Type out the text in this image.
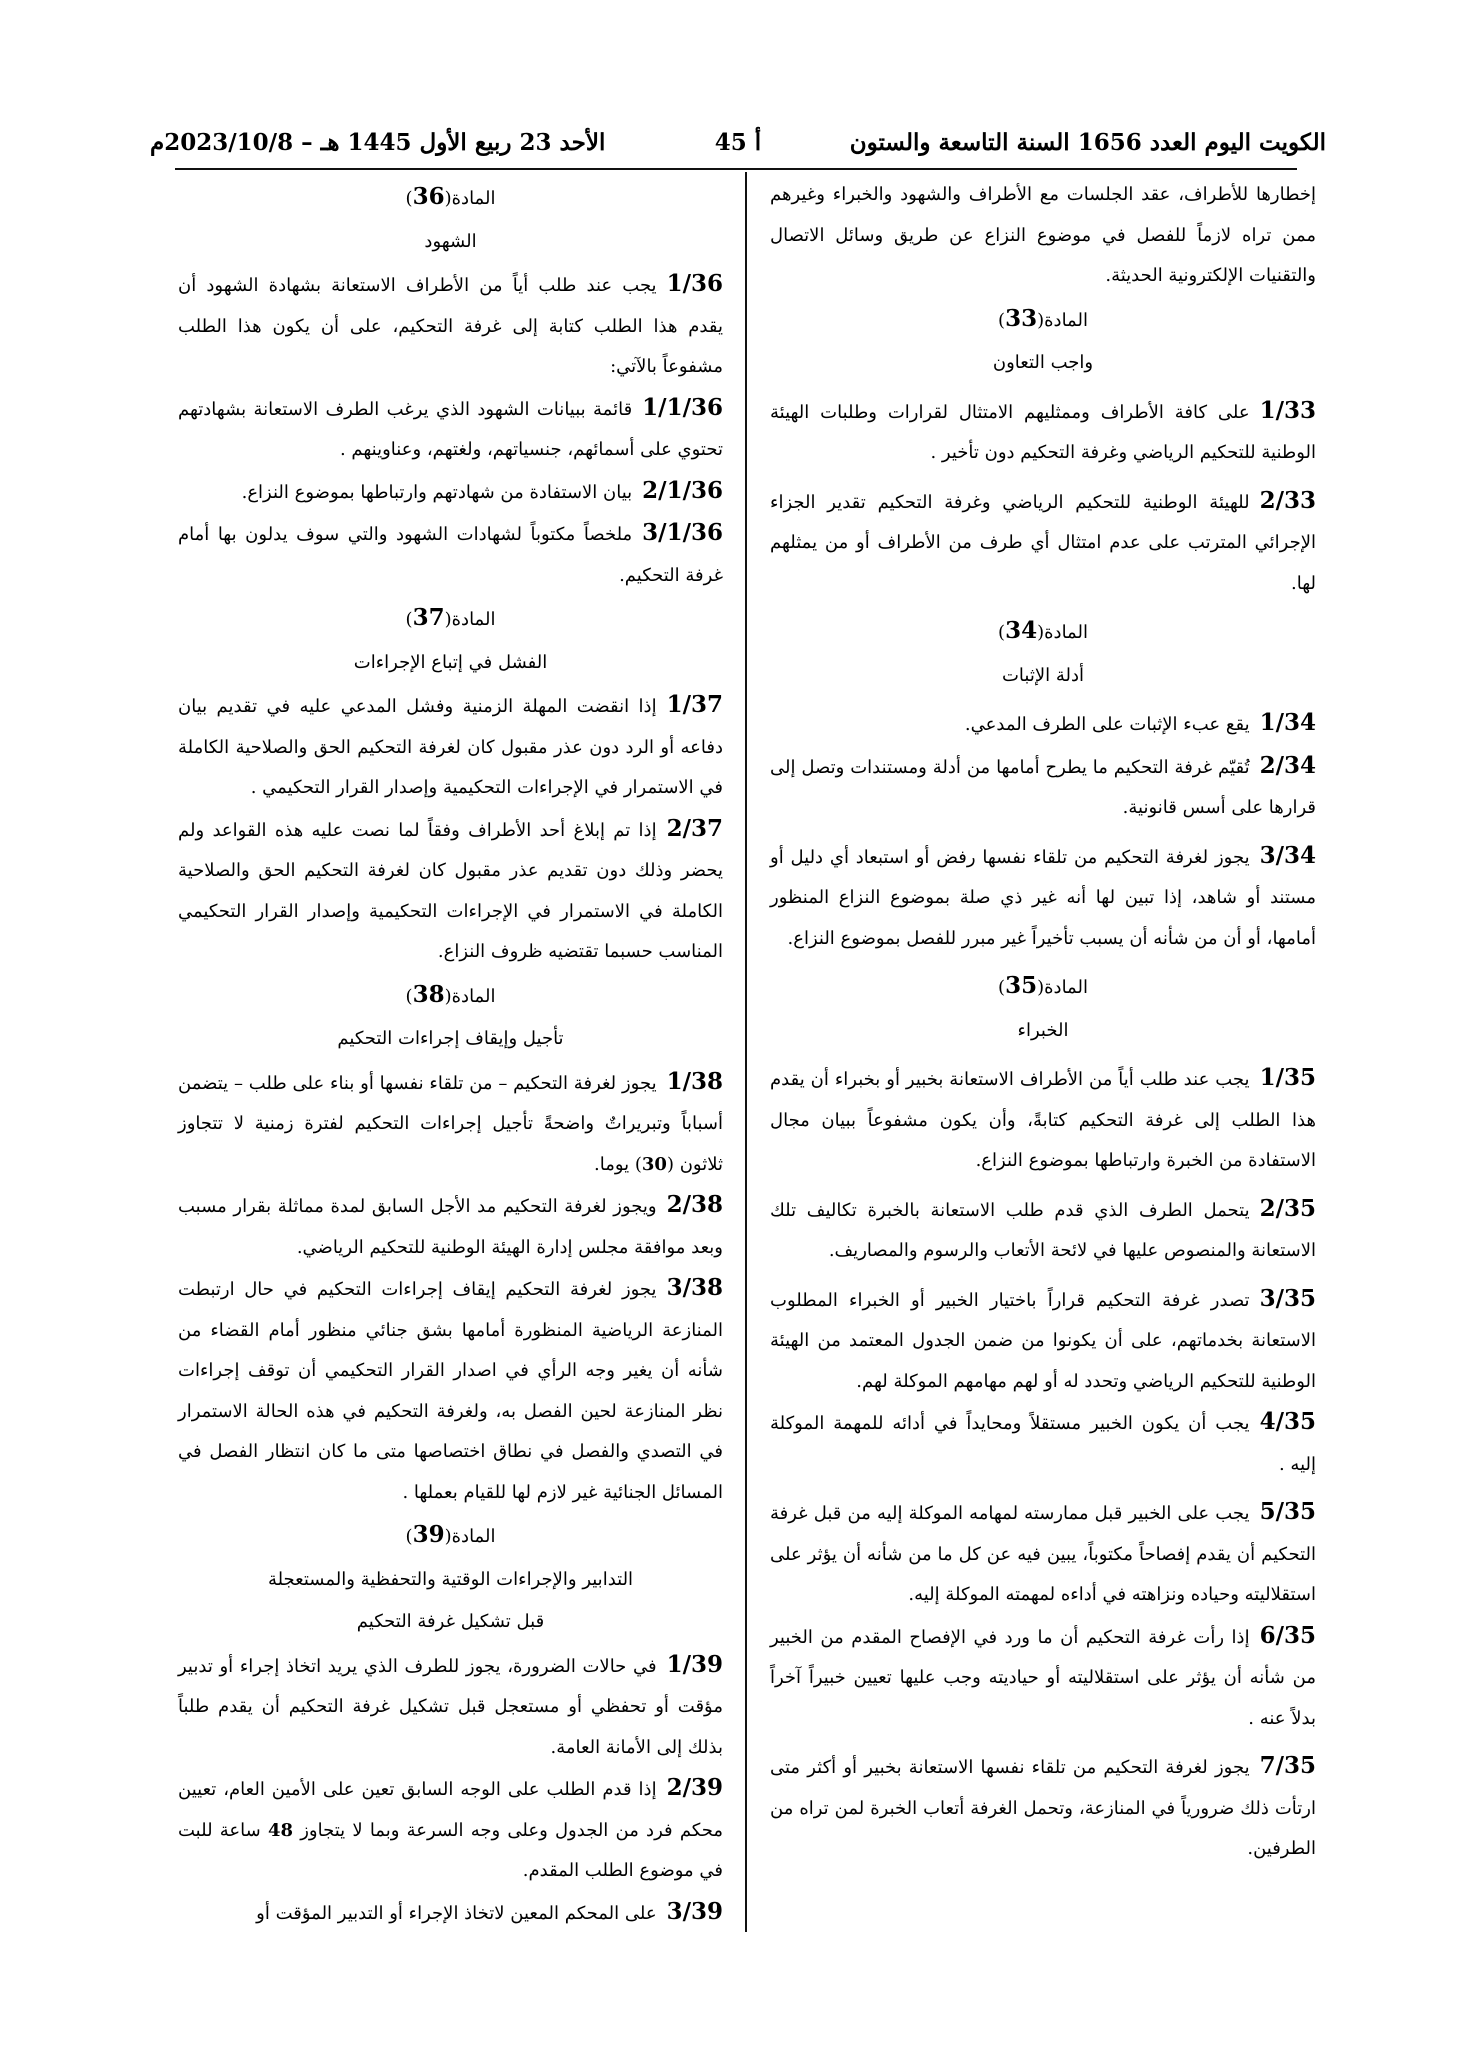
الكويت اليوم العدد 1656 السنة التاسعة والستون
أ 45
الأحد 23 ربيع الأول 1445 هـ – 2023/10/8م

إخطارها للأطراف، عقد الجلسات مع الأطراف والشهود والخبراء وغيرهم ممن تراه لازماً للفصل في موضوع النزاع عن طريق وسائل الاتصال والتقنيات الإلكترونية الحديثة.

المادة(33)

واجب التعاون

1/33على كافة الأطراف وممثليهم الامتثال لقرارات وطلبات الهيئة الوطنية للتحكيم الرياضي وغرفة التحكيم دون تأخير .

2/33للهيئة الوطنية للتحكيم الرياضي وغرفة التحكيم تقدير الجزاء الإجرائي المترتب على عدم امتثال أي طرف من الأطراف أو من يمثلهم لها.

المادة(34)

أدلة الإثبات

1/34يقع عبء الإثبات على الطرف المدعي.

2/34تُقيّم غرفة التحكيم ما يطرح أمامها من أدلة ومستندات وتصل إلى قرارها على أسس قانونية.

3/34يجوز لغرفة التحكيم من تلقاء نفسها رفض أو استبعاد أي دليل أو مستند أو شاهد، إذا تبين لها أنه غير ذي صلة بموضوع النزاع المنظور أمامها، أو أن من شأنه أن يسبب تأخيراً غير مبرر للفصل بموضوع النزاع.

المادة(35)

الخبراء

1/35يجب عند طلب أياً من الأطراف الاستعانة بخبير أو بخبراء أن يقدم هذا الطلب إلى غرفة التحكيم كتابةً، وأن يكون مشفوعاً ببيان مجال الاستفادة من الخبرة وارتباطها بموضوع النزاع.

2/35يتحمل الطرف الذي قدم طلب الاستعانة بالخبرة تكاليف تلك الاستعانة والمنصوص عليها في لائحة الأتعاب والرسوم والمصاريف.

3/35تصدر غرفة التحكيم قراراً باختيار الخبير أو الخبراء المطلوب الاستعانة بخدماتهم، على أن يكونوا من ضمن الجدول المعتمد من الهيئة الوطنية للتحكيم الرياضي وتحدد له أو لهم مهامهم الموكلة لهم.

4/35يجب أن يكون الخبير مستقلاً ومحايداً في أدائه للمهمة الموكلة إليه .

5/35يجب على الخبير قبل ممارسته لمهامه الموكلة إليه من قبل غرفة التحكيم أن يقدم إفصاحاً مكتوباً، يبين فيه عن كل ما من شأنه أن يؤثر على استقلاليته وحياده ونزاهته في أداءه لمهمته الموكلة إليه.

6/35إذا رأت غرفة التحكيم أن ما ورد في الإفصاح المقدم من الخبير من شأنه أن يؤثر على استقلاليته أو حياديته وجب عليها تعيين خبيراً آخراً بدلاً عنه .

7/35يجوز لغرفة التحكيم من تلقاء نفسها الاستعانة بخبير أو أكثر متى ارتأت ذلك ضرورياً في المنازعة، وتحمل الغرفة أتعاب الخبرة لمن تراه من الطرفين.

المادة(36)

الشهود

1/36يجب عند طلب أياً من الأطراف الاستعانة بشهادة الشهود أن يقدم هذا الطلب كتابة إلى غرفة التحكيم، على أن يكون هذا الطلب مشفوعاً بالآتي:

1/1/36قائمة ببيانات الشهود الذي يرغب الطرف الاستعانة بشهادتهم تحتوي على أسمائهم، جنسياتهم، ولغتهم، وعناوينهم .

2/1/36بيان الاستفادة من شهادتهم وارتباطها بموضوع النزاع.

3/1/36ملخصاً مكتوباً لشهادات الشهود والتي سوف يدلون بها أمام غرفة التحكيم.

المادة(37)

الفشل في إتباع الإجراءات

1/37إذا انقضت المهلة الزمنية وفشل المدعي عليه في تقديم بيان دفاعه أو الرد دون عذر مقبول كان لغرفة التحكيم الحق والصلاحية الكاملة في الاستمرار في الإجراءات التحكيمية وإصدار القرار التحكيمي .

2/37إذا تم إبلاغ أحد الأطراف وفقاً لما نصت عليه هذه القواعد ولم يحضر وذلك دون تقديم عذر مقبول كان لغرفة التحكيم الحق والصلاحية الكاملة في الاستمرار في الإجراءات التحكيمية وإصدار القرار التحكيمي المناسب حسبما تقتضيه ظروف النزاع.

المادة(38)

تأجيل وإيقاف إجراءات التحكيم

1/38يجوز لغرفة التحكيم – من تلقاء نفسها أو بناء على طلب – يتضمن أسباباً وتبريراتٌ واضحةً تأجيل إجراءات التحكيم لفترة زمنية لا تتجاوز ثلاثون (30) يوما.

2/38ويجوز لغرفة التحكيم مد الأجل السابق لمدة مماثلة بقرار مسبب وبعد موافقة مجلس إدارة الهيئة الوطنية للتحكيم الرياضي.

3/38يجوز لغرفة التحكيم إيقاف إجراءات التحكيم في حال ارتبطت المنازعة الرياضية المنظورة أمامها بشق جنائي منظور أمام القضاء من شأنه أن يغير وجه الرأي في اصدار القرار التحكيمي أن توقف إجراءات نظر المنازعة لحين الفصل به، ولغرفة التحكيم في هذه الحالة الاستمرار في التصدي والفصل في نطاق اختصاصها متى ما كان انتظار الفصل في المسائل الجنائية غير لازم لها للقيام بعملها .

المادة(39)

التدابير والإجراءات الوقتية والتحفظية والمستعجلة

قبل تشكيل غرفة التحكيم

1/39في حالات الضرورة، يجوز للطرف الذي يريد اتخاذ إجراء أو تدبير مؤقت أو تحفظي أو مستعجل قبل تشكيل غرفة التحكيم أن يقدم طلباً بذلك إلى الأمانة العامة.

2/39إذا قدم الطلب على الوجه السابق تعين على الأمين العام، تعيين محكم فرد من الجدول وعلى وجه السرعة وبما لا يتجاوز 48 ساعة للبت في موضوع الطلب المقدم.

3/39على المحكم المعين لاتخاذ الإجراء أو التدبير المؤقت أو
